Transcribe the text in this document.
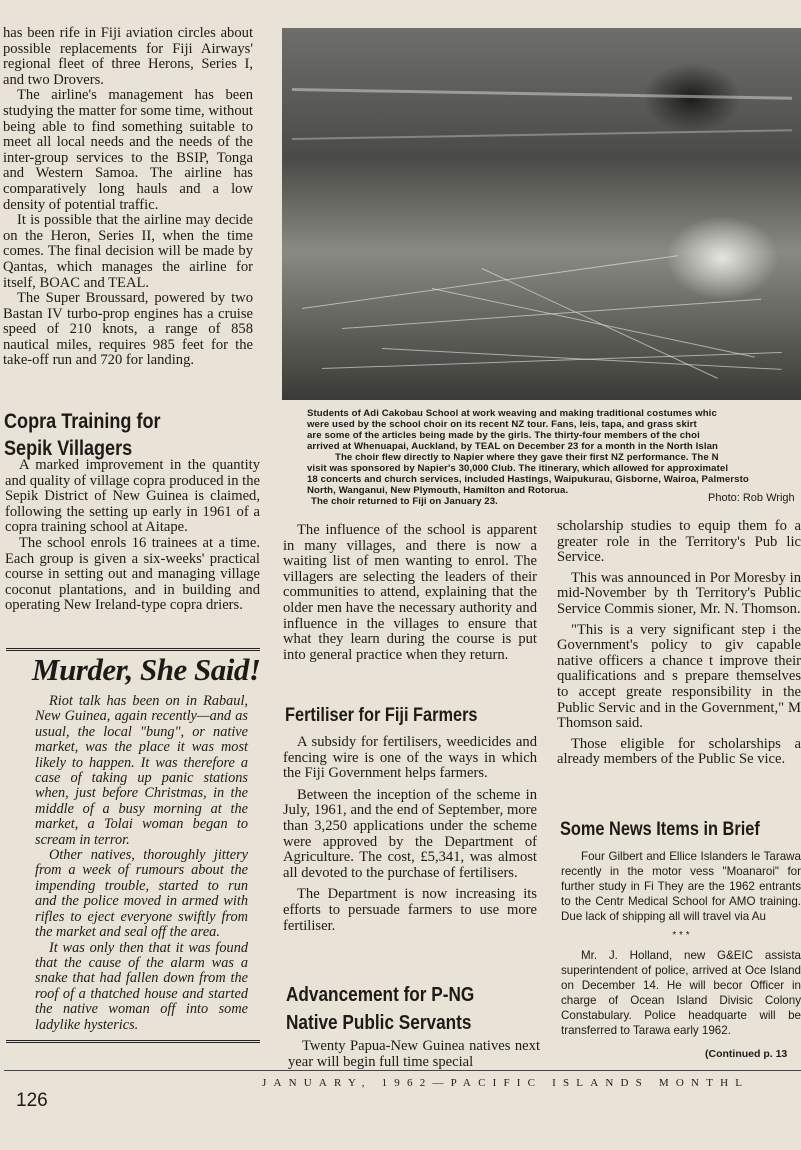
has been rife in Fiji aviation circles about possible replacements for Fiji Airways' regional fleet of three Herons, Series I, and two Drovers.

The airline's management has been studying the matter for some time, without being able to find something suitable to meet all local needs and the needs of the inter-group services to the BSIP, Tonga and Western Samoa. The airline has comparatively long hauls and a low density of potential traffic.

It is possible that the airline may decide on the Heron, Series II, when the time comes. The final decision will be made by Qantas, which manages the airline for itself, BOAC and TEAL.

The Super Broussard, powered by two Bastan IV turbo-prop engines has a cruise speed of 210 knots, a range of 858 nautical miles, requires 985 feet for the take-off run and 720 for landing.

Copra Training for
Sepik Villagers

A marked improvement in the quantity and quality of village copra produced in the Sepik District of New Guinea is claimed, following the setting up early in 1961 of a copra training school at Aitape.

The school enrols 16 trainees at a time. Each group is given a six-weeks' practical course in setting out and managing village coconut plantations, and in building and operating New Ireland-type copra driers.

Murder, She Said!

Riot talk has been on in Rabaul, New Guinea, again recently—and as usual, the local "bung", or native market, was the place it was most likely to happen. It was therefore a case of taking up panic stations when, just before Christmas, in the middle of a busy morning at the market, a Tolai woman began to scream in terror.

Other natives, thoroughly jittery from a week of rumours about the impending trouble, started to run and the police moved in armed with rifles to eject everyone swiftly from the market and seal off the area.

It was only then that it was found that the cause of the alarm was a snake that had fallen down from the roof of a thatched house and started the native woman off into some ladylike hysterics.

Students of Adi Cakobau School at work weaving and making traditional costumes whic
were used by the school choir on its recent NZ tour. Fans, leis, tapa, and grass skirt
are some of the articles being made by the girls. The thirty-four members of the choi
arrived at Whenuapai, Auckland, by TEAL on December 23 for a month in the North Islan
The choir flew directly to Napier where they gave their first NZ performance. The N
visit was sponsored by Napier's 30,000 Club. The itinerary, which allowed for approximatel
18 concerts and church services, included Hastings, Waipukurau, Gisborne, Wairoa, Palmersto
North, Wanganui, New Plymouth, Hamilton and Rotorua.
The choir returned to Fiji on January 23.	Photo: Rob Wrigh

The influence of the school is apparent in many villages, and there is now a waiting list of men wanting to enrol. The villagers are selecting the leaders of their communities to attend, explaining that the older men have the necessary authority and influence in the villages to ensure that what they learn during the course is put into general practice when they return.

Fertiliser for Fiji Farmers

A subsidy for fertilisers, weedicides and fencing wire is one of the ways in which the Fiji Government helps farmers.

Between the inception of the scheme in July, 1961, and the end of September, more than 3,250 applications under the scheme were approved by the Department of Agriculture. The cost, £5,341, was almost all devoted to the purchase of fertilisers.

The Department is now increasing its efforts to persuade farmers to use more fertiliser.

Advancement for P-NG
Native Public Servants

Twenty Papua-New Guinea natives next year will begin full time special

scholarship studies to equip them fo a greater role in the Territory's Pub lic Service.

This was announced in Por Moresby in mid-November by th Territory's Public Service Commis sioner, Mr. N. Thomson.

"This is a very significant step i the Government's policy to giv capable native officers a chance t improve their qualifications and s prepare themselves to accept greate responsibility in the Public Servic and in the Government," M Thomson said.

Those eligible for scholarships a already members of the Public Se vice.

Some News Items in Brief

Four Gilbert and Ellice Islanders le Tarawa recently in the motor vess "Moanaroi" for further study in Fi They are the 1962 entrants to the Centr Medical School for AMO training. Due lack of shipping all will travel via Au

* * *

Mr. J. Holland, new G&EIC assista superintendent of police, arrived at Oce Island on December 14. He will becor Officer in charge of Ocean Island Divisic Colony Constabulary. Police headquarte will be transferred to Tarawa early 1962.

(Continued p. 13
126
JANUARY, 1962—PACIFIC ISLANDS MONTHL
